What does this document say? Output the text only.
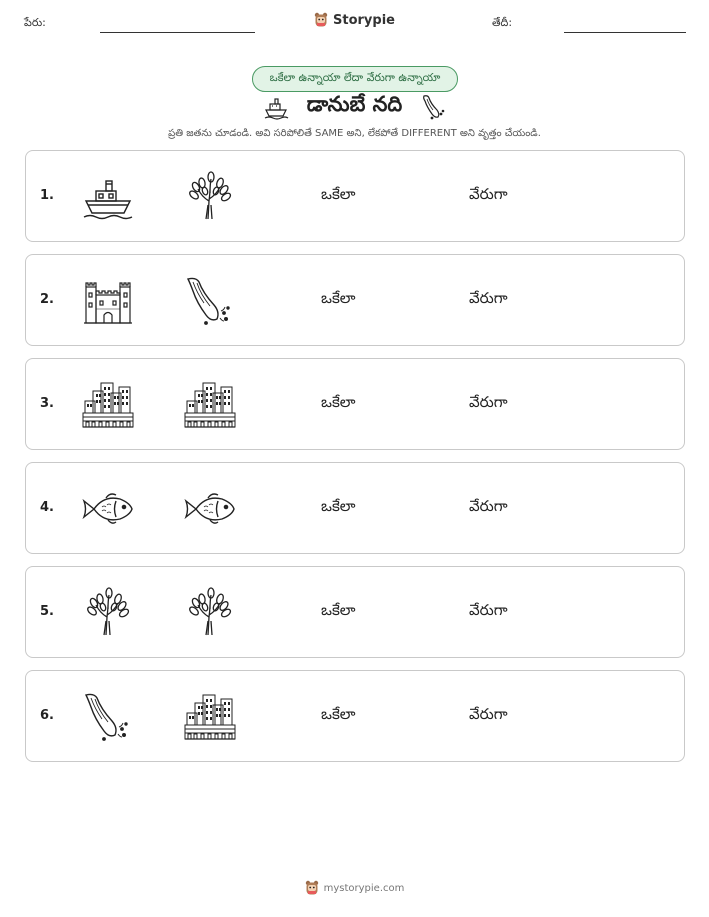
పేరు:	Storypie	తేదీ:
ఒకేలా ఉన్నాయా లేదా వేరుగా ఉన్నాయా
డానుబే నది
ప్రతి జతను చూడండి. అవి సరిపోలితే SAME అని, లేకపోతే DIFFERENT అని వృత్తం చేయండి.
1.	ఒకేలా	వేరుగా
2.	ఒకేలా	వేరుగా
3.	ఒకేలా	వేరుగా
4.	ఒకేలా	వేరుగా
5.	ఒకేలా	వేరుగా
6.	ఒకేలా	వేరుగా
mystorypie.com
